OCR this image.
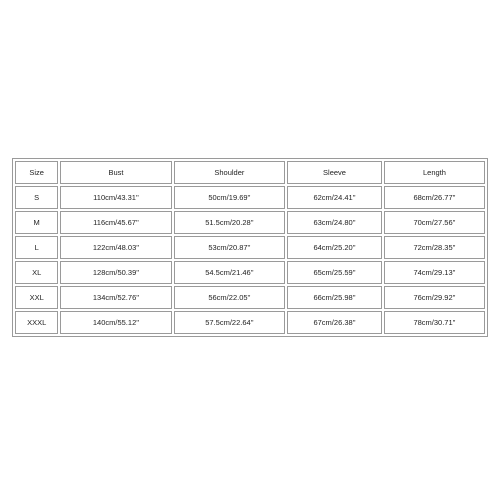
Size	Bust	Shoulder	Sleeve	Length
S	110cm/43.31''	50cm/19.69''	62cm/24.41''	68cm/26.77''
M	116cm/45.67''	51.5cm/20.28''	63cm/24.80''	70cm/27.56''
L	122cm/48.03''	53cm/20.87''	64cm/25.20''	72cm/28.35''
XL	128cm/50.39''	54.5cm/21.46''	65cm/25.59''	74cm/29.13''
XXL	134cm/52.76''	56cm/22.05''	66cm/25.98''	76cm/29.92''
XXXL	140cm/55.12''	57.5cm/22.64''	67cm/26.38''	78cm/30.71''
